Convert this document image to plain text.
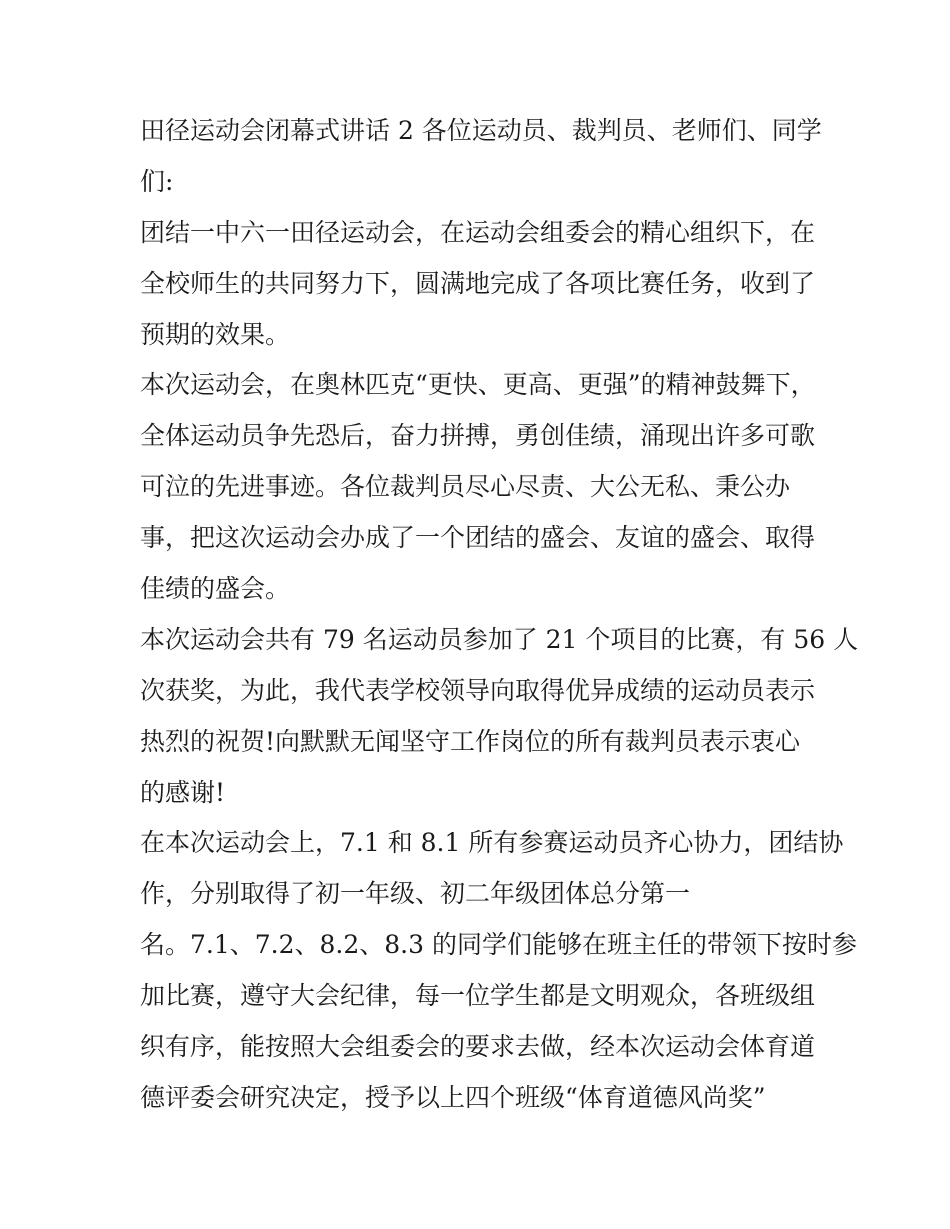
田径运动会闭幕式讲话 2 各位运动员、裁判员、老师们、同学
们:
团结一中六一田径运动会，在运动会组委会的精心组织下，在
全校师生的共同努力下，圆满地完成了各项比赛任务，收到了
预期的效果。
本次运动会，在奥林匹克“更快、更高、更强”的精神鼓舞下，
全体运动员争先恐后，奋力拼搏，勇创佳绩，涌现出许多可歌
可泣的先进事迹。各位裁判员尽心尽责、大公无私、秉公办
事，把这次运动会办成了一个团结的盛会、友谊的盛会、取得
佳绩的盛会。
本次运动会共有 79 名运动员参加了 21 个项目的比赛，有 56 人
次获奖，为此，我代表学校领导向取得优异成绩的运动员表示
热烈的祝贺!向默默无闻坚守工作岗位的所有裁判员表示衷心
的感谢!
在本次运动会上，7.1 和 8.1 所有参赛运动员齐心协力，团结协
作，分别取得了初一年级、初二年级团体总分第一
名。7.1、7.2、8.2、8.3 的同学们能够在班主任的带领下按时参
加比赛，遵守大会纪律，每一位学生都是文明观众，各班级组
织有序，能按照大会组委会的要求去做，经本次运动会体育道
德评委会研究决定，授予以上四个班级“体育道德风尚奖”
